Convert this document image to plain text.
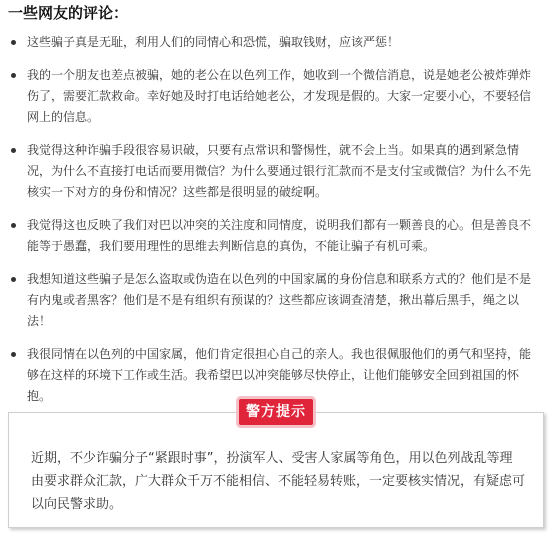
一些网友的评论：
这些骗子真是无耻，利用人们的同情心和恐慌，骗取钱财，应该严惩！
我的一个朋友也差点被骗，她的老公在以色列工作，她收到一个微信消息，说是她老公被炸弹炸伤了，需要汇款救命。幸好她及时打电话给她老公，才发现是假的。大家一定要小心，不要轻信网上的信息。
我觉得这种诈骗手段很容易识破，只要有点常识和警惕性，就不会上当。如果真的遇到紧急情况，为什么不直接打电话而要用微信？为什么要通过银行汇款而不是支付宝或微信？为什么不先核实一下对方的身份和情况？这些都是很明显的破绽啊。
我觉得这也反映了我们对巴以冲突的关注度和同情度，说明我们都有一颗善良的心。但是善良不能等于愚蠢，我们要用理性的思维去判断信息的真伪，不能让骗子有机可乘。
我想知道这些骗子是怎么盗取或伪造在以色列的中国家属的身份信息和联系方式的？他们是不是有内鬼或者黑客？他们是不是有组织有预谋的？这些都应该调查清楚，揪出幕后黑手，绳之以法！
我很同情在以色列的中国家属，他们肯定很担心自己的亲人。我也很佩服他们的勇气和坚持，能够在这样的环境下工作或生活。我希望巴以冲突能够尽快停止，让他们能够安全回到祖国的怀抱。
警方提示
近期，不少诈骗分子“紧跟时事”，扮演军人、受害人家属等角色，用以色列战乱等理由要求群众汇款，广大群众千万不能相信、不能轻易转账，一定要核实情况，有疑虑可以向民警求助。
